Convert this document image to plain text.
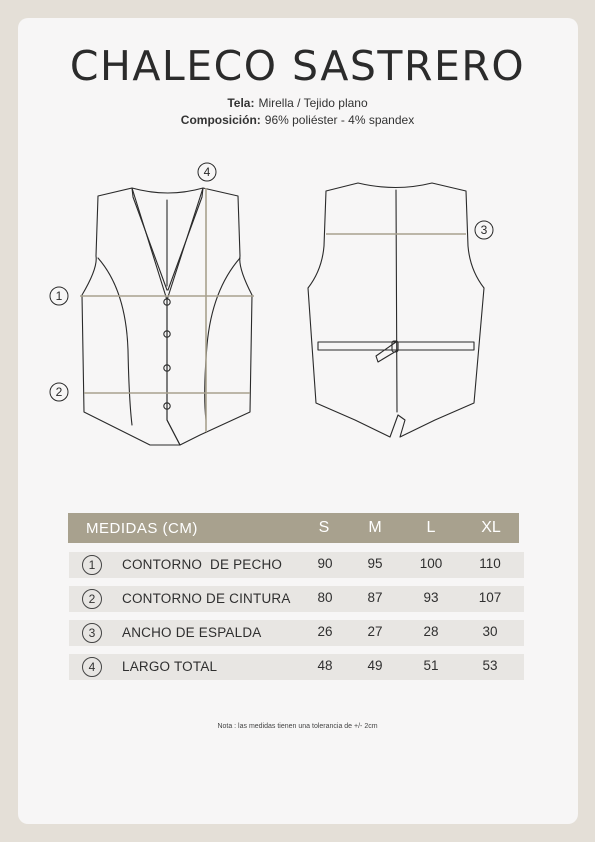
CHALECO SASTRERO
Tela: Mirella / Tejido plano
Composición: 96% poliéster - 4% spandex
1
2
3
4
MEDIDAS (CM)	S	M	L	XL
1	CONTORNO  DE PECHO	90	95	100	110
2	CONTORNO DE CINTURA	80	87	93	107
3	ANCHO DE ESPALDA	26	27	28	30
4	LARGO TOTAL	48	49	51	53
Nota : las medidas tienen una tolerancia de +/- 2cm
